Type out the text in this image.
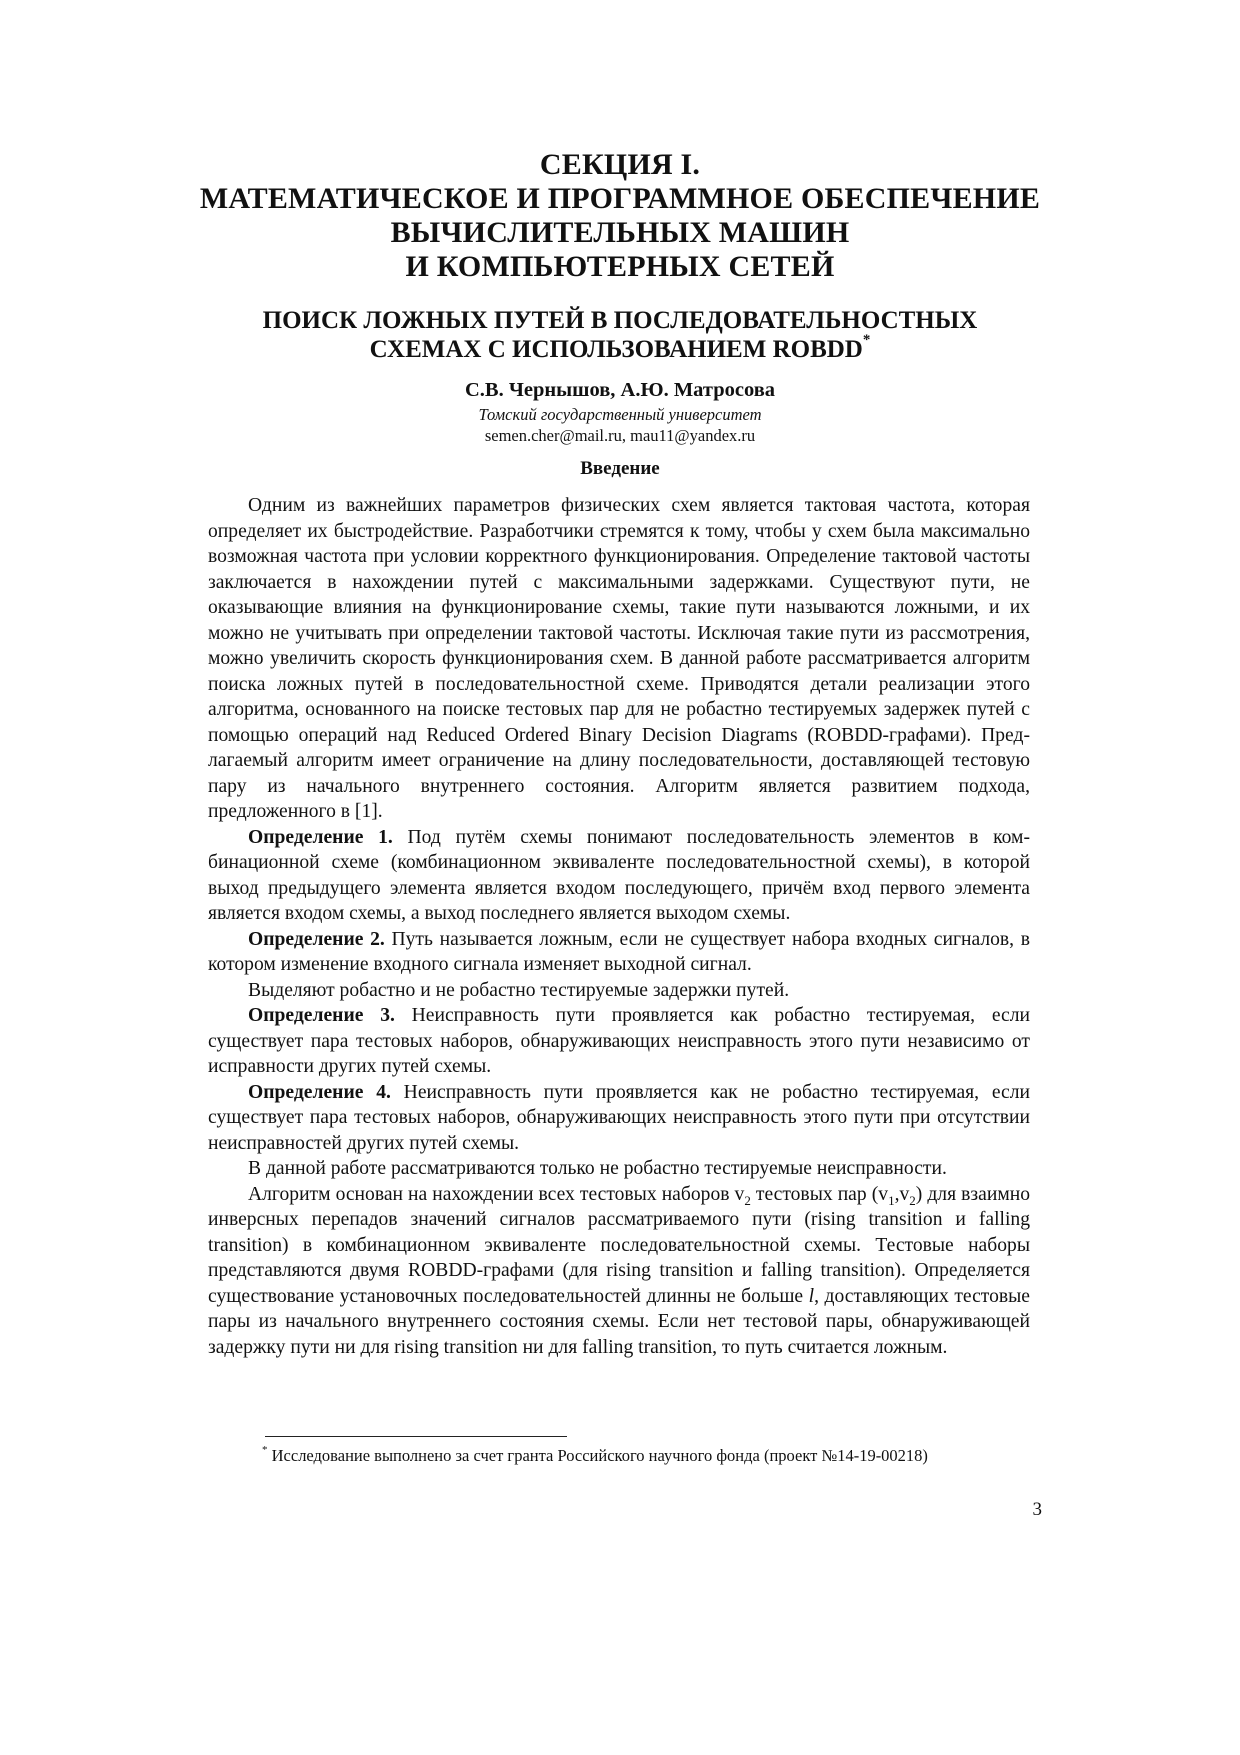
СЕКЦИЯ I.
МАТЕМАТИЧЕСКОЕ И ПРОГРАММНОЕ ОБЕСПЕЧЕНИЕ
ВЫЧИСЛИТЕЛЬНЫХ МАШИН
И КОМПЬЮТЕРНЫХ СЕТЕЙ
ПОИСК ЛОЖНЫХ ПУТЕЙ В ПОСЛЕДОВАТЕЛЬНОСТНЫХ
СХЕМАХ С ИСПОЛЬЗОВАНИЕМ ROBDD*
С.В. Чернышов, А.Ю. Матросова
Томский государственный университет
semen.cher@mail.ru, mau11@yandex.ru
Введение

Одним из важнейших параметров физических схем является тактовая частота, которая определяет их быстродействие. Разработчики стремятся к тому, чтобы у схем была максимально возможная частота при условии корректного функционирования. Определение тактовой частоты заключается в нахождении путей с максимальными задержками. Существуют пути, не оказывающие влияния на функционирование схемы, такие пути называются ложными, и их можно не учитывать при определении тактовой частоты. Исключая такие пути из рассмотрения, можно увеличить скорость функционирования схем. В данной работе рассматривается алгоритм поиска ложных путей в последовательностной схеме. Приводятся детали реализации этого алгоритма, основанного на поиске тестовых пар для не робастно тестируемых задержек путей с помощью операций над Reduced Ordered Binary Decision Diagrams (ROBDD-графами). Предлагаемый алгоритм имеет ограничение на длину последовательности, доставляющей тестовую пару из начального внутреннего состояния. Алгоритм является развитием подхода, предложенного в [1].

Определение 1. Под путём схемы понимают последовательность элементов в комбинационной схеме (комбинационном эквиваленте последовательностной схемы), в которой выход предыдущего элемента является входом последующего, причём вход первого элемента является входом схемы, а выход последнего является выходом схемы.

Определение 2. Путь называется ложным, если не существует набора входных сигналов, в котором изменение входного сигнала изменяет выходной сигнал.

Выделяют робастно и не робастно тестируемые задержки путей.

Определение 3. Неисправность пути проявляется как робастно тестируемая, если существует пара тестовых наборов, обнаруживающих неисправность этого пути независимо от исправности других путей схемы.

Определение 4. Неисправность пути проявляется как не робастно тестируемая, если существует пара тестовых наборов, обнаруживающих неисправность этого пути при отсутствии неисправностей других путей схемы.

В данной работе рассматриваются только не робастно тестируемые неисправности.

Алгоритм основан на нахождении всех тестовых наборов $v_2$ тестовых пар $(v_1,v_2)$ для взаимно инверсных перепадов значений сигналов рассматриваемого пути (rising transition и falling transition) в комбинационном эквиваленте последовательностной схемы. Тестовые наборы представляются двумя ROBDD-графами (для rising transition и falling transition). Определяется существование установочных последовательностей длинны не больше l, доставляющих тестовые пары из начального внутреннего состояния схемы. Если нет тестовой пары, обнаруживающей задержку пути ни для rising transition ни для falling transition, то путь считается ложным.

* Исследование выполнено за счет гранта Российского научного фонда (проект №14-19-00218)
3
